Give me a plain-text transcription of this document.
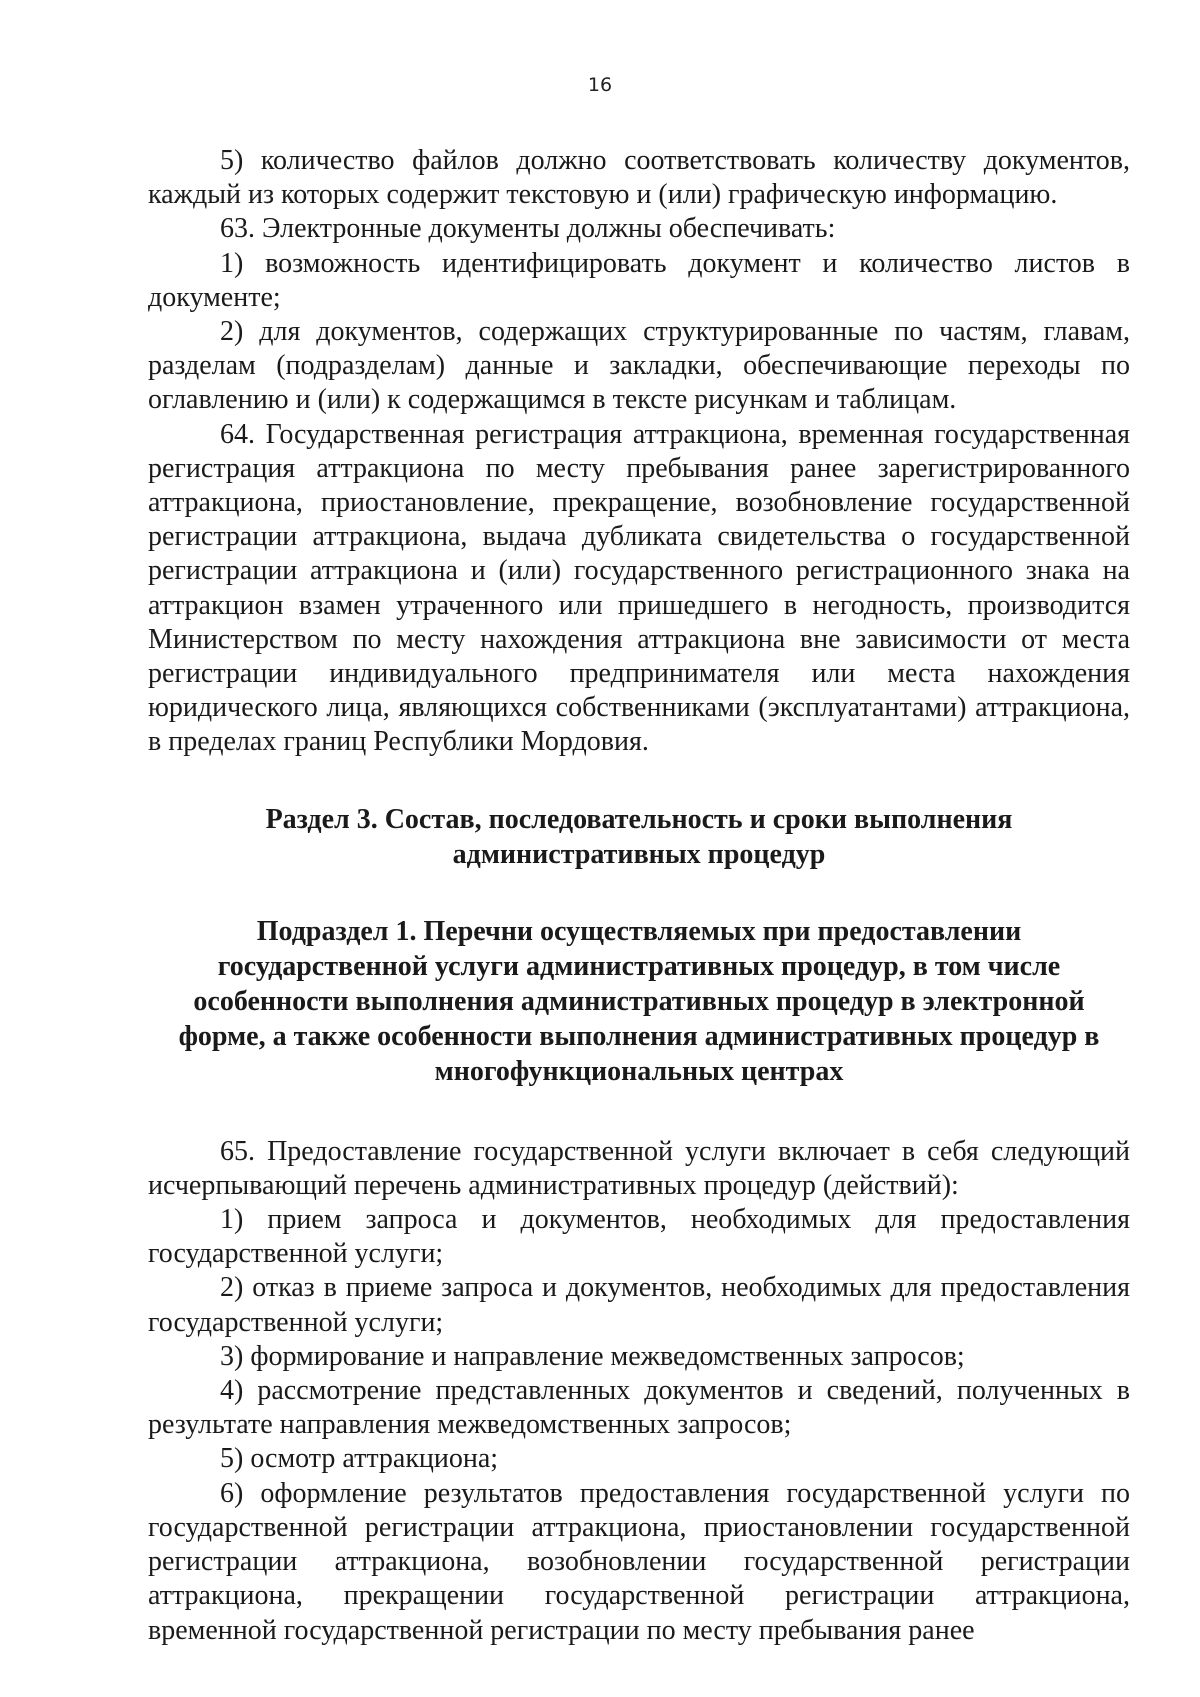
16

5) количество файлов должно соответствовать количеству документов, каждый из которых содержит текстовую и (или) графическую информацию.

63. Электронные документы должны обеспечивать:

1) возможность идентифицировать документ и количество листов в документе;

2) для документов, содержащих структурированные по частям, главам, разделам (подразделам) данные и закладки, обеспечивающие переходы по оглавлению и (или) к содержащимся в тексте рисункам и таблицам.

64. Государственная регистрация аттракциона, временная государственная регистрация аттракциона по месту пребывания ранее зарегистрированного аттракциона, приостановление, прекращение, возобновление государственной регистрации аттракциона, выдача дубликата свидетельства о государственной регистрации аттракциона и (или) государственного регистрационного знака на аттракцион взамен утраченного или пришедшего в негодность, производится Министерством по месту нахождения аттракциона вне зависимости от места регистрации индивидуального предпринимателя или места нахождения юридического лица, являющихся собственниками (эксплуатантами) аттракциона, в пределах границ Республики Мордовия.

Раздел 3. Состав, последовательность и сроки выполнения
административных процедур
Подраздел 1. Перечни осуществляемых при предоставлении
государственной услуги административных процедур, в том числе
особенности выполнения административных процедур в электронной
форме, а также особенности выполнения административных процедур в
многофункциональных центрах

65. Предоставление государственной услуги включает в себя следующий исчерпывающий перечень административных процедур (действий):

1) прием запроса и документов, необходимых для предоставления государственной услуги;

2) отказ в приеме запроса и документов, необходимых для предоставления государственной услуги;

3) формирование и направление межведомственных запросов;

4) рассмотрение представленных документов и сведений, полученных в результате направления межведомственных запросов;

5) осмотр аттракциона;

6) оформление результатов предоставления государственной услуги по государственной регистрации аттракциона, приостановлении государственной регистрации аттракциона, возобновлении государственной регистрации аттракциона, прекращении государственной регистрации аттракциона, временной государственной регистрации по месту пребывания ранее
